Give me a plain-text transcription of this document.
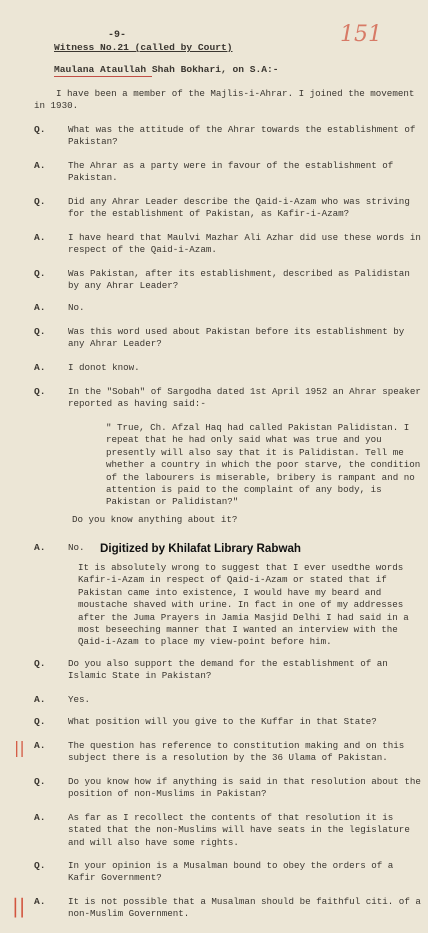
-9-	151
Witness No.21 (called by Court)
Maulana Ataullah Shah Bokhari, on S.A:-

I have been a member of the Majlis-i-Ahrar. I joined the movement in 1930.

Q. What was the attitude of the Ahrar towards the establishment of Pakistan?

A. The Ahrar as a party were in favour of the establishment of Pakistan.

Q. Did any Ahrar Leader describe the Qaid-i-Azam who was striving for the establishment of Pakistan, as Kafir-i-Azam?

A. I have heard that Maulvi Mazhar Ali Azhar did use these words in respect of the Qaid-i-Azam.

Q. Was Pakistan, after its establishment, described as Palidistan by any Ahrar Leader?

A. No.

Q. Was this word used about Pakistan before its establishment by any Ahrar Leader?

A. I donot know.

Q. In the "Sobah" of Sargodha dated 1st April 1952 an Ahrar speaker reported as having said:-

" True, Ch. Afzal Haq had called Pakistan Palidistan. I repeat that he had only said what was true and you presently will also say that it is Palidistan. Tell me whether a country in which the poor starve, the condition of the labourers is miserable, bribery is rampant and no attention is paid to the complaint of any body, is Pakistan or Palidistan?"

Do you know anything about it?

A. No. Digitized by Khilafat Library Rabwah

It is absolutely wrong to suggest that I ever usedthe words Kafir-i-Azam in respect of Qaid-i-Azam or stated that if Pakistan came into existence, I would have my beard and moustache shaved with urine. In fact in one of my addresses after the Juma Prayers in Jamia Masjid Delhi I had said in a most beseeching manner that I wanted an interview with the Qaid-i-Azam to place my view-point before him.

Q. Do you also support the demand for the establishment of an Islamic State in Pakistan?

A. Yes.

Q. What position will you give to the Kuffar in that State?

A. The question has reference to constitution making and on this subject there is a resolution by the 36 Ulama of Pakistan.

Q. Do you know how if anything is said in that resolution about the position of non-Muslims in Pakistan?

A. As far as I recollect the contents of that resolution it is stated that the non-Muslims will have seats in the legislature and will also have some rights.

Q. In your opinion is a Musalman bound to obey the orders of a Kafir Government?

A. It is not possible that a Musalman should be faithful citi. of a non-Muslim Government.

||
||
